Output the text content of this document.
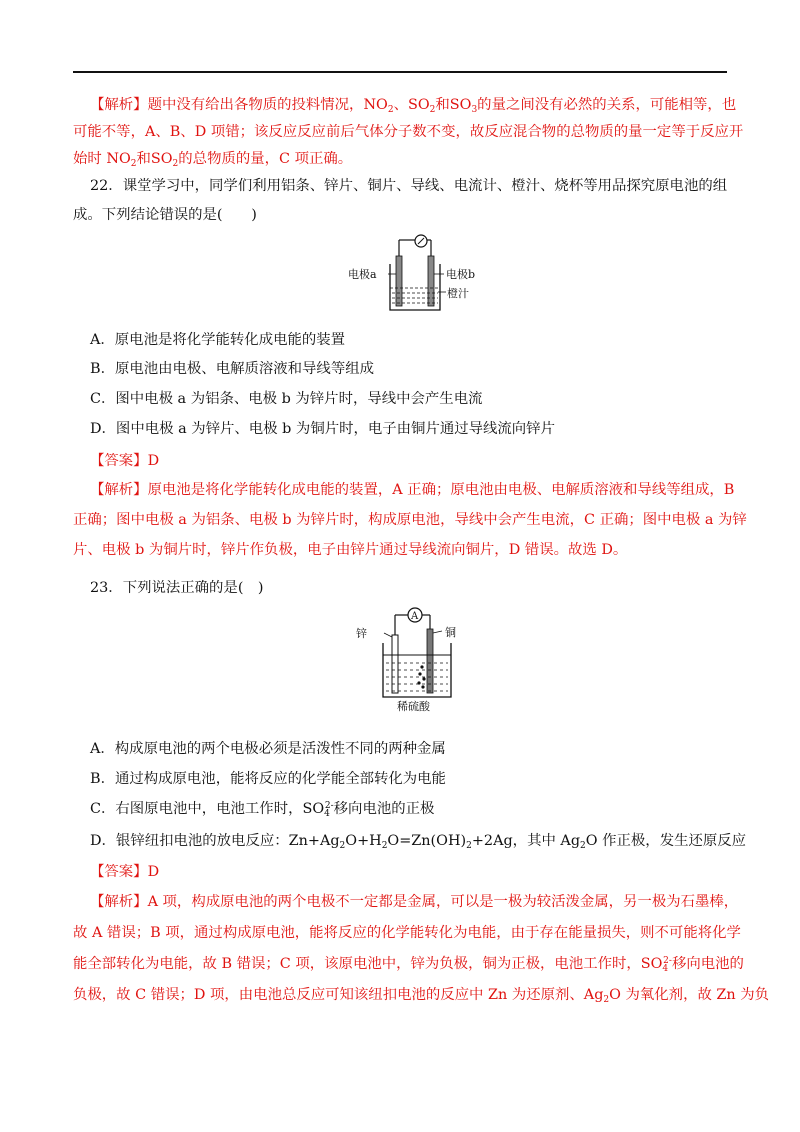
【解析】题中没有给出各物质的投料情况，$NO_2$、$SO_2$和$SO_3$的量之间没有必然的关系，可能相等，也
可能不等，A、B、D 项错；该反应反应前后气体分子数不变，故反应混合物的总物质的量一定等于反应开
始时 $NO_2$和$SO_2$的总物质的量，C 项正确。
22．课堂学习中，同学们利用铝条、锌片、铜片、导线、电流计、橙汁、烧杯等用品探究原电池的组
成。下列结论错误的是(　　)
电极a	电极b
橙汁
A．原电池是将化学能转化成电能的装置
B．原电池由电极、电解质溶液和导线等组成
C．图中电极 a 为铝条、电极 b 为锌片时，导线中会产生电流
D．图中电极 a 为锌片、电极 b 为铜片时，电子由铜片通过导线流向锌片
【答案】D
【解析】原电池是将化学能转化成电能的装置，A 正确；原电池由电极、电解质溶液和导线等组成，B
正确；图中电极 a 为铝条、电极 b 为锌片时，构成原电池，导线中会产生电流，C 正确；图中电极 a 为锌
片、电极 b 为铜片时，锌片作负极，电子由锌片通过导线流向铜片，D 错误。故选 D。
23．下列说法正确的是(　)
A
锌	铜
稀硫酸
A．构成原电池的两个电极必须是活泼性不同的两种金属
B．通过构成原电池，能将反应的化学能全部转化为电能
C．右图原电池中，电池工作时，$SO_4^{2-}$移向电池的正极
D．银锌纽扣电池的放电反应：$Zn+Ag_2O+H_2O=Zn(OH)_2+2Ag$，其中 $Ag_2O$ 作正极，发生还原反应
【答案】D
【解析】A 项，构成原电池的两个电极不一定都是金属，可以是一极为较活泼金属，另一极为石墨棒，
故 A 错误；B 项，通过构成原电池，能将反应的化学能转化为电能，由于存在能量损失，则不可能将化学
能全部转化为电能，故 B 错误；C 项，该原电池中，锌为负极，铜为正极，电池工作时，$SO_4^{2-}$移向电池的
负极，故 C 错误；D 项，由电池总反应可知该纽扣电池的反应中 Zn 为还原剂、$Ag_2O$ 为氧化剂，故 Zn 为负
